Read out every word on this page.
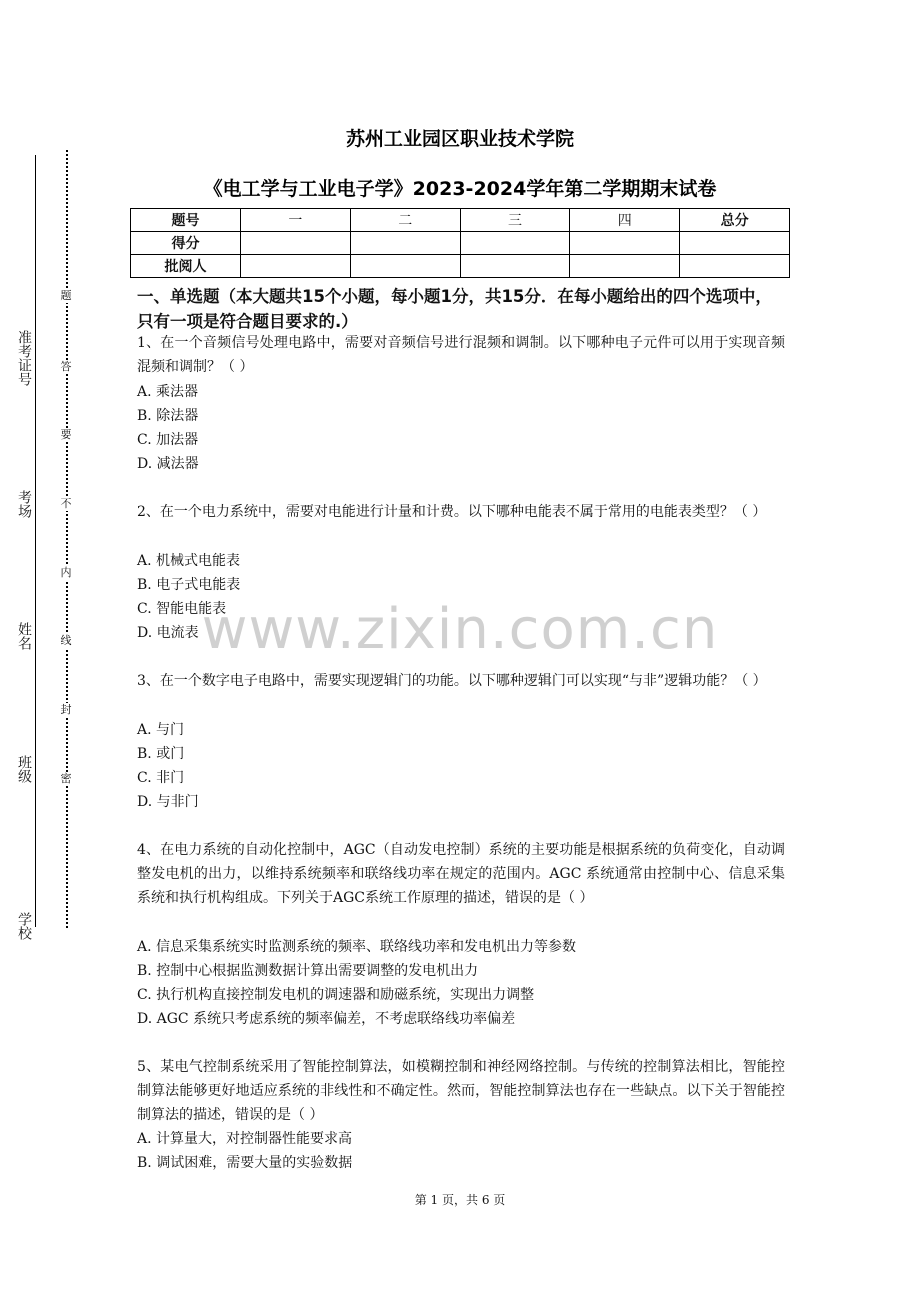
准考证号
考场
姓名
班级
学校
题
答
要
不
内
线
封
密
苏州工业园区职业技术学院
《电工学与工业电子学》2023-2024学年第二学期期末试卷
题号	一	二	三	四	总分
得分					
批阅人					
一、单选题（本大题共15个小题，每小题1分，共15分．在每小题给出的四个选项中，只有一项是符合题目要求的.）
1、在一个音频信号处理电路中，需要对音频信号进行混频和调制。以下哪种电子元件可以用于实现音频混频和调制？（ ）
A. 乘法器
B. 除法器
C. 加法器
D. 减法器
2、在一个电力系统中，需要对电能进行计量和计费。以下哪种电能表不属于常用的电能表类型？（ ）
A. 机械式电能表
B. 电子式电能表
C. 智能电能表
D. 电流表
3、在一个数字电子电路中，需要实现逻辑门的功能。以下哪种逻辑门可以实现“与非”逻辑功能？（ ）
A. 与门
B. 或门
C. 非门
D. 与非门
4、在电力系统的自动化控制中，AGC（自动发电控制）系统的主要功能是根据系统的负荷变化，自动调整发电机的出力，以维持系统频率和联络线功率在规定的范围内。AGC 系统通常由控制中心、信息采集系统和执行机构组成。下列关于AGC系统工作原理的描述，错误的是（ ）
A. 信息采集系统实时监测系统的频率、联络线功率和发电机出力等参数
B. 控制中心根据监测数据计算出需要调整的发电机出力
C. 执行机构直接控制发电机的调速器和励磁系统，实现出力调整
D. AGC 系统只考虑系统的频率偏差，不考虑联络线功率偏差
5、某电气控制系统采用了智能控制算法，如模糊控制和神经网络控制。与传统的控制算法相比，智能控制算法能够更好地适应系统的非线性和不确定性。然而，智能控制算法也存在一些缺点。以下关于智能控制算法的描述，错误的是（ ）
A. 计算量大，对控制器性能要求高
B. 调试困难，需要大量的实验数据
www.zixin.com.cn
第 1 页，共 6 页
